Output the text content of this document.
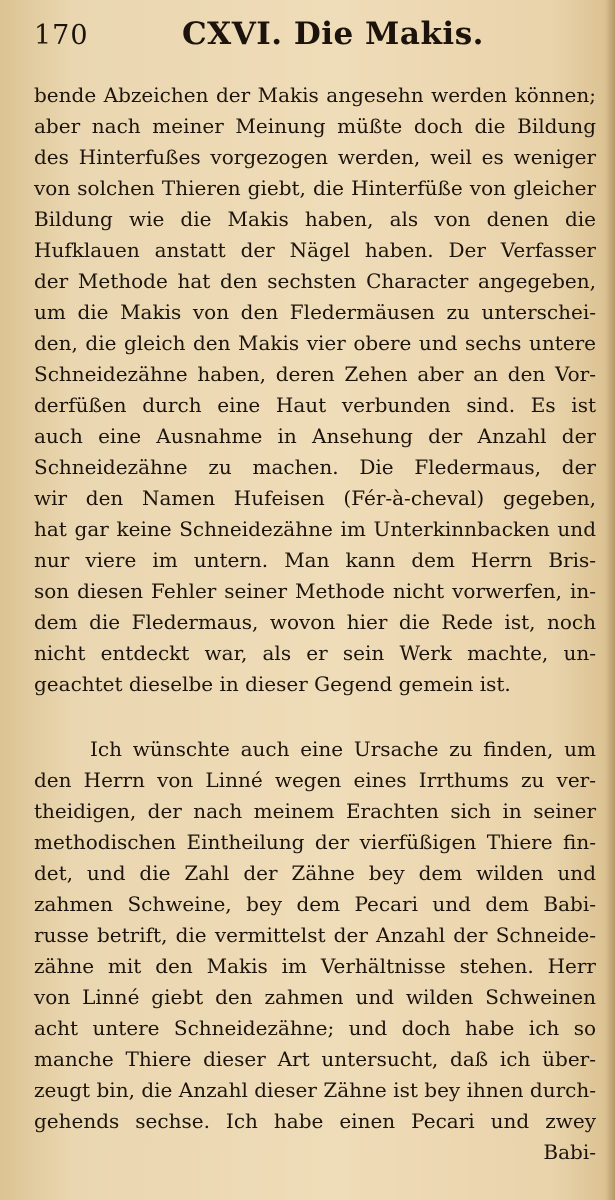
170	CXVI. Die Makis.
bende Abzeichen der Makis angesehn werden können;
aber nach meiner Meinung müßte doch die Bildung
des Hinterfußes vorgezogen werden, weil es weniger
von solchen Thieren giebt, die Hinterfüße von gleicher
Bildung wie die Makis haben, als von denen die
Hufklauen anstatt der Nägel haben. Der Verfasser
der Methode hat den sechsten Character angegeben,
um die Makis von den Fledermäusen zu unterschei-
den, die gleich den Makis vier obere und sechs untere
Schneidezähne haben, deren Zehen aber an den Vor-
derfüßen durch eine Haut verbunden sind. Es ist
auch eine Ausnahme in Ansehung der Anzahl der
Schneidezähne zu machen. Die Fledermaus, der
wir den Namen Hufeisen (Fér-à-cheval) gegeben,
hat gar keine Schneidezähne im Unterkinnbacken und
nur viere im untern. Man kann dem Herrn Bris-
son diesen Fehler seiner Methode nicht vorwerfen, in-
dem die Fledermaus, wovon hier die Rede ist, noch
nicht entdeckt war, als er sein Werk machte, un-
geachtet dieselbe in dieser Gegend gemein ist.
Ich wünschte auch eine Ursache zu finden, um
den Herrn von Linné wegen eines Irrthums zu ver-
theidigen, der nach meinem Erachten sich in seiner
methodischen Eintheilung der vierfüßigen Thiere fin-
det, und die Zahl der Zähne bey dem wilden und
zahmen Schweine, bey dem Pecari und dem Babi-
russe betrift, die vermittelst der Anzahl der Schneide-
zähne mit den Makis im Verhältnisse stehen. Herr
von Linné giebt den zahmen und wilden Schweinen
acht untere Schneidezähne; und doch habe ich so
manche Thiere dieser Art untersucht, daß ich über-
zeugt bin, die Anzahl dieser Zähne ist bey ihnen durch-
gehends sechse. Ich habe einen Pecari und zwey
Babi-
